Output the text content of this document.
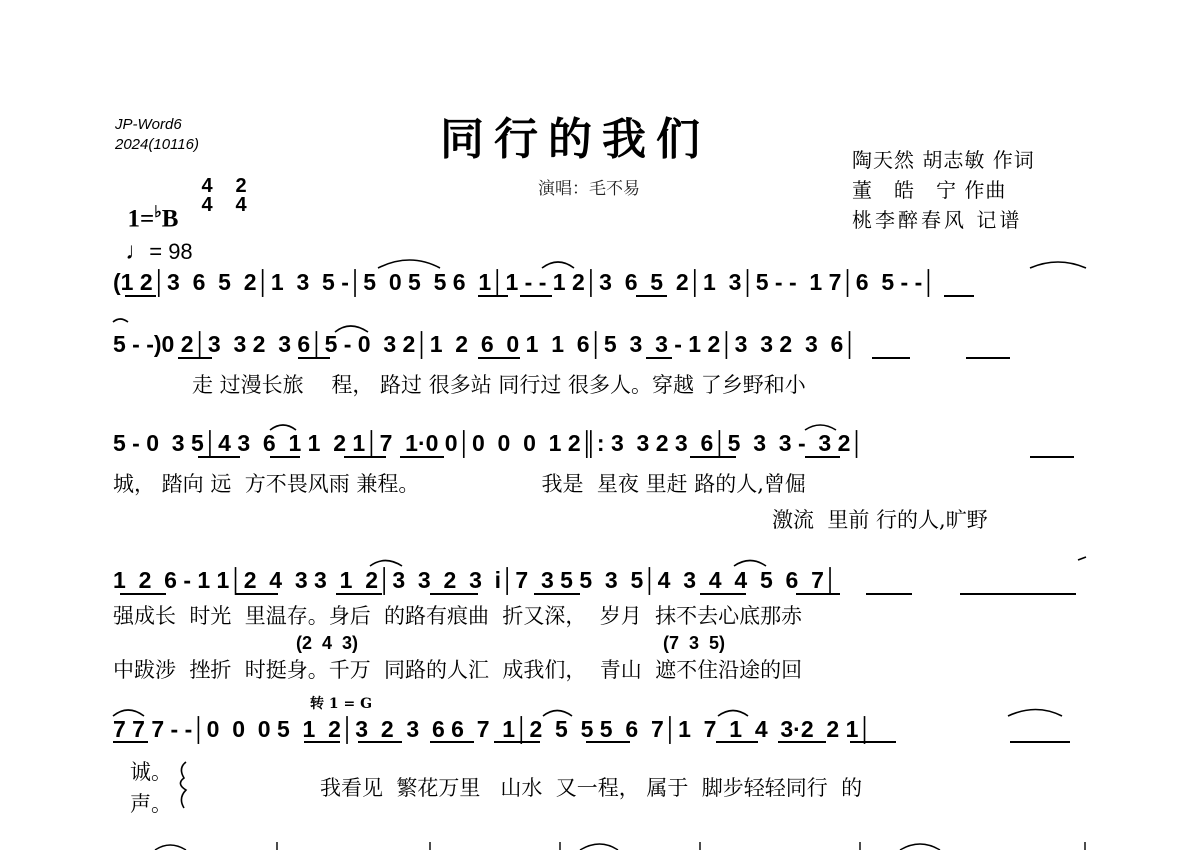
JP-Word6
2024(10116)	同行的我们
演唱：毛不易
陶天然 胡志敏 作词
董　皓　宁 作曲
桃李醉春风 记谱

1=♭B

4
4
2
4

♩= 98

(1 2│3  6  5  2│1  3  5 -│5  0 5  5 6  1│1 - - 1 2│3  6  5  2│1  3│5 - -  1 7│6  5 - -│
5 - -)0 2│3  3 2  3 6│5 - 0  3 2│1  2  6  0 1  1  6│5  3  3 - 1 2│3  3 2  3  6│
走 过漫长旅　 程， 路过 很多站 同行过 很多人。穿越 了乡野和小
5 - 0  3 5│4 3  6  1 1  2 1│7  1·0 0│0  0  0  1 2║: 3  3 2 3  6│5  3  3 -  3 2│
城， 踏向 远  方不畏风雨 兼程。　　　　　　 我是  星夜 里赶 路的人,曾倔
激流  里前 行的人,旷野
1  2  6 - 1 1│2  4  3 3  1  2│3  3  2  3  i│7  3 5 5  3  5│4  3  4  4  5  6  7│
强成长  时光  里温存。身后  的路有痕曲  折又深，  岁月  抹不去心底那赤
(2  4  3)	(7  3  5)
中跋涉  挫折  时挺身。千万  同路的人汇  成我们，  青山  遮不住沿途的回
转 1 = G
7 7 7 - -│0  0  0 5  1  2│3  2  3  6 6  7  1│2  5  5 5  6  7│1  7  1  4  3·2  2 1│
诚。
声。
我看见  繁花万里   山水  又一程， 属于  脚步轻轻同行  的
